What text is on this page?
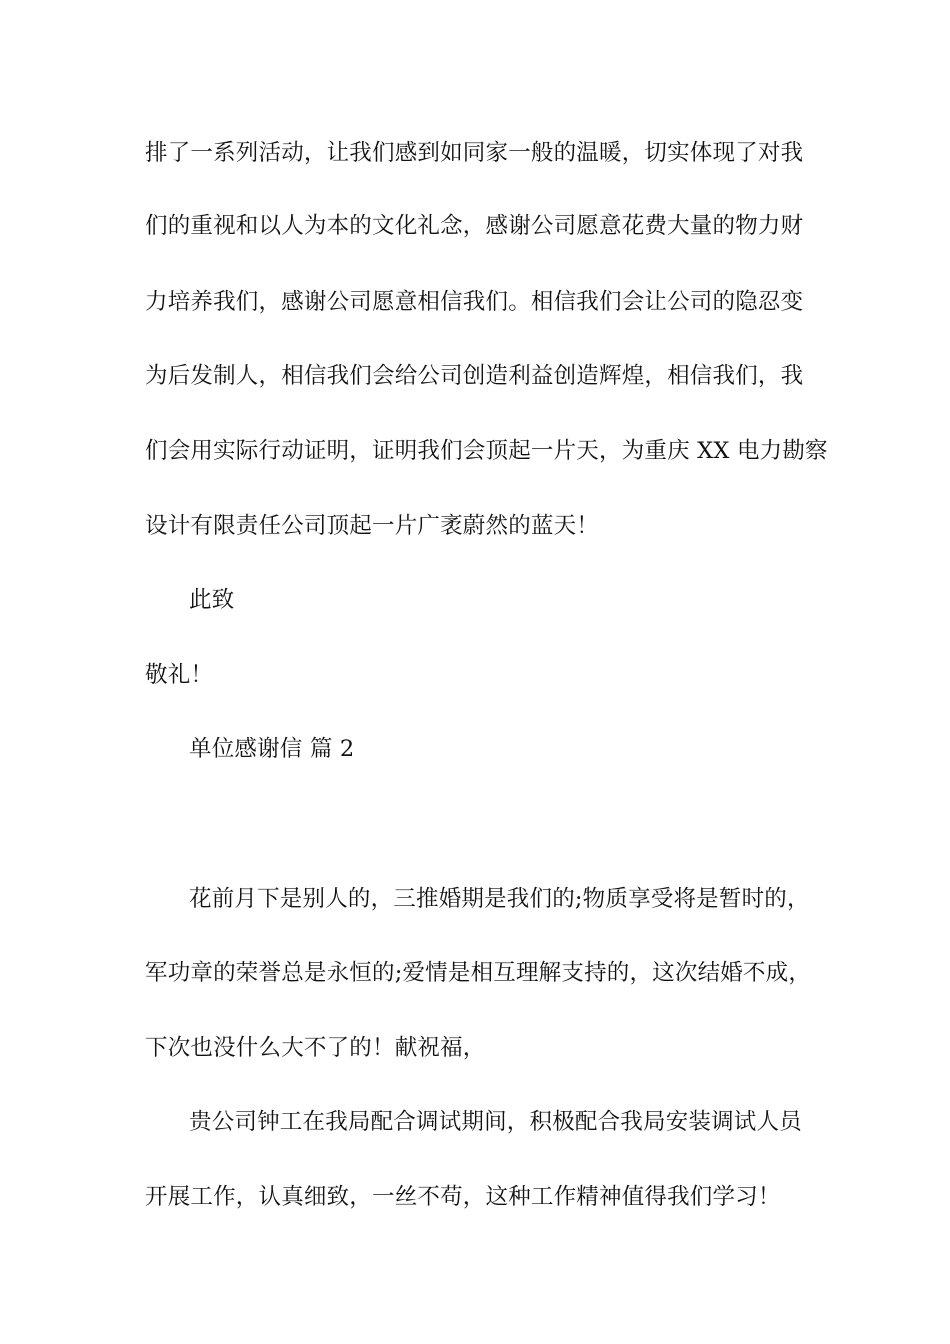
排了一系列活动，让我们感到如同家一般的温暖，切实体现了对我
们的重视和以人为本的文化礼念，感谢公司愿意花费大量的物力财
力培养我们，感谢公司愿意相信我们。相信我们会让公司的隐忍变
为后发制人，相信我们会给公司创造利益创造辉煌，相信我们，我
们会用实际行动证明，证明我们会顶起一片天，为重庆 XX 电力勘察
设计有限责任公司顶起一片广袤蔚然的蓝天！
此致
敬礼！
单位感谢信 篇 2
花前月下是别人的，三推婚期是我们的;物质享受将是暂时的，
军功章的荣誉总是永恒的;爱情是相互理解支持的，这次结婚不成，
下次也没什么大不了的！献祝福，
贵公司钟工在我局配合调试期间，积极配合我局安装调试人员
开展工作，认真细致，一丝不苟，这种工作精神值得我们学习！
